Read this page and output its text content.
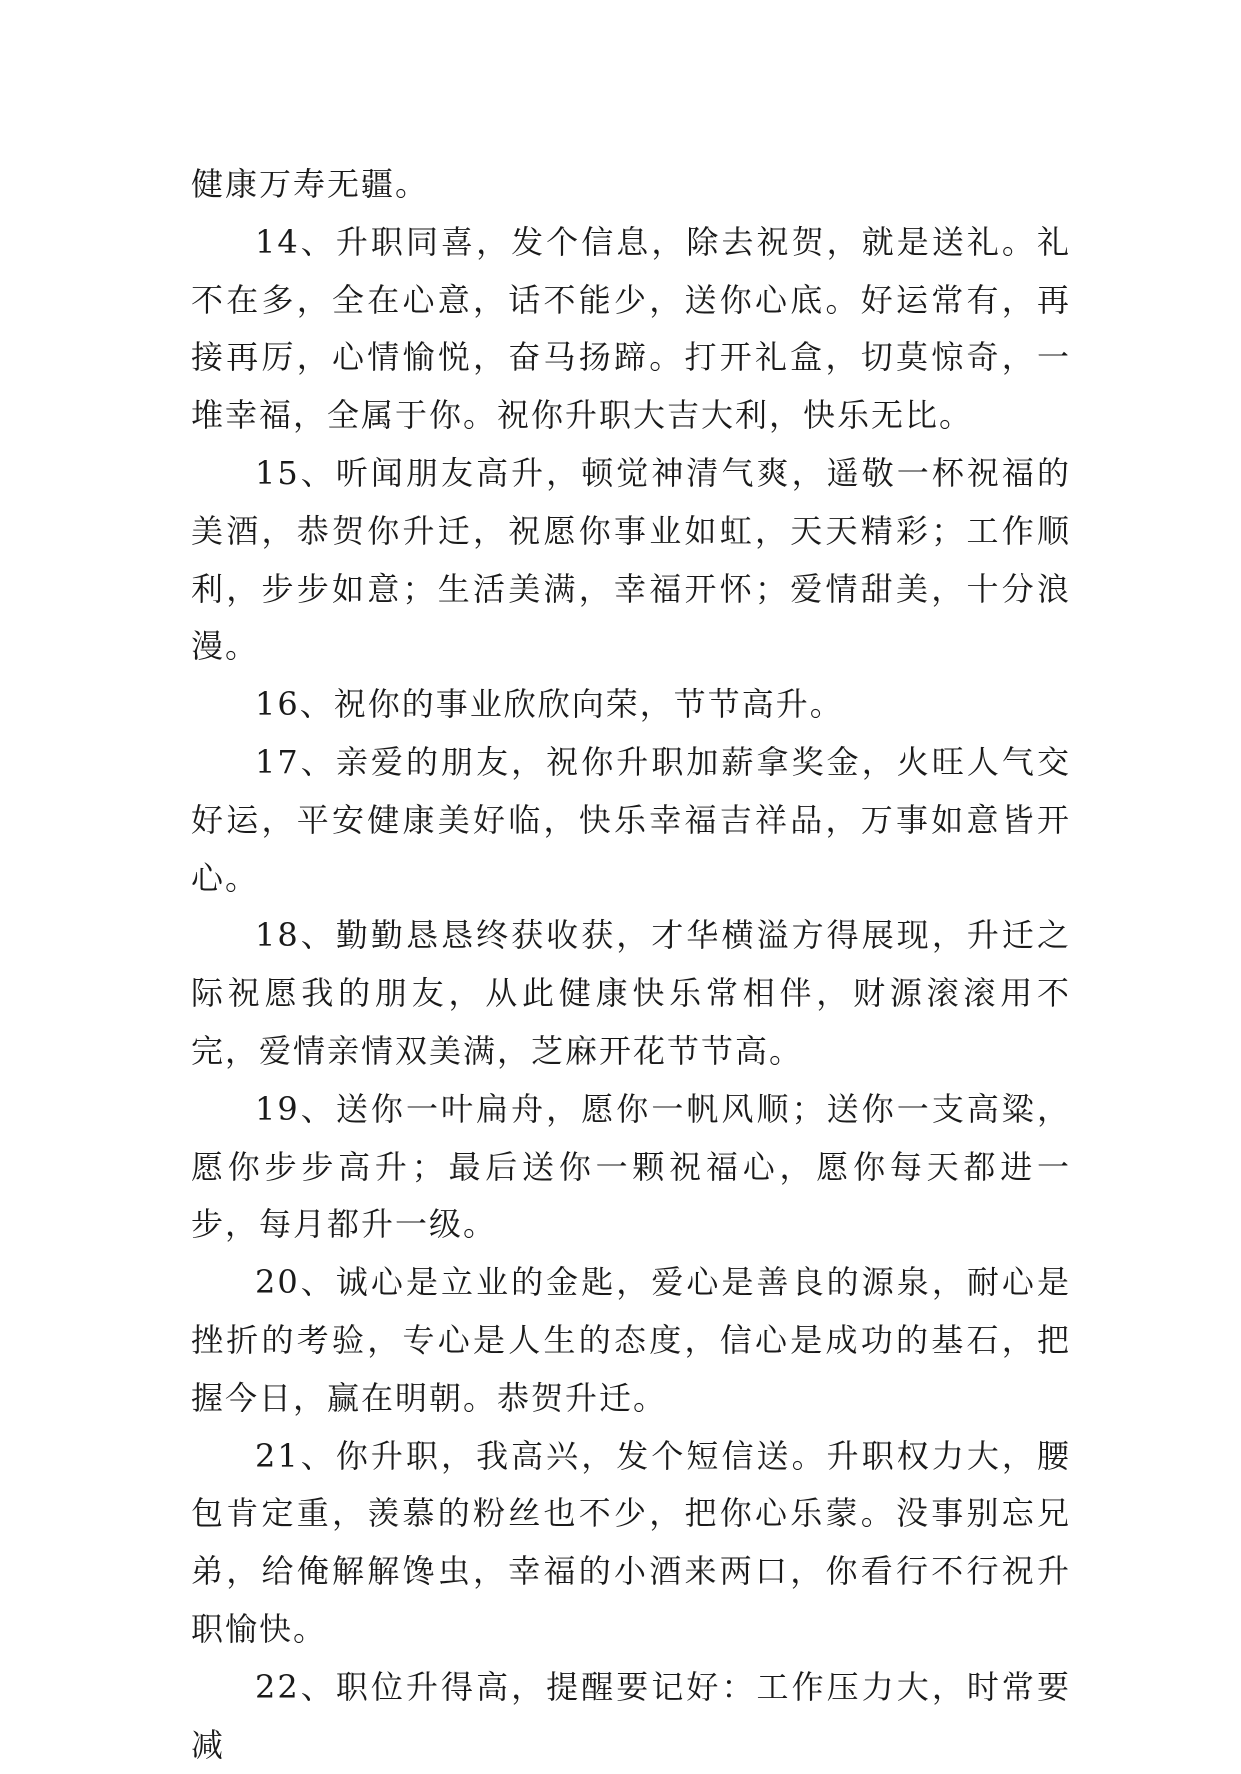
健康万寿无疆。

14、升职同喜，发个信息，除去祝贺，就是送礼。礼不在多，全在心意，话不能少，送你心底。好运常有，再接再厉，心情愉悦，奋马扬蹄。打开礼盒，切莫惊奇，一堆幸福，全属于你。祝你升职大吉大利，快乐无比。

15、听闻朋友高升，顿觉神清气爽，遥敬一杯祝福的美酒，恭贺你升迁，祝愿你事业如虹，天天精彩；工作顺利，步步如意；生活美满，幸福开怀；爱情甜美，十分浪漫。

16、祝你的事业欣欣向荣，节节高升。

17、亲爱的朋友，祝你升职加薪拿奖金，火旺人气交好运，平安健康美好临，快乐幸福吉祥品，万事如意皆开心。

18、勤勤恳恳终获收获，才华横溢方得展现，升迁之际祝愿我的朋友，从此健康快乐常相伴，财源滚滚用不完，爱情亲情双美满，芝麻开花节节高。

19、送你一叶扁舟，愿你一帆风顺；送你一支高粱，愿你步步高升；最后送你一颗祝福心，愿你每天都进一步，每月都升一级。

20、诚心是立业的金匙，爱心是善良的源泉，耐心是挫折的考验，专心是人生的态度，信心是成功的基石，把握今日，赢在明朝。恭贺升迁。

21、你升职，我高兴，发个短信送。升职权力大，腰包肯定重，羡慕的粉丝也不少，把你心乐蒙。没事别忘兄弟，给俺解解馋虫，幸福的小酒来两口，你看行不行祝升职愉快。

22、职位升得高，提醒要记好：工作压力大，时常要减
